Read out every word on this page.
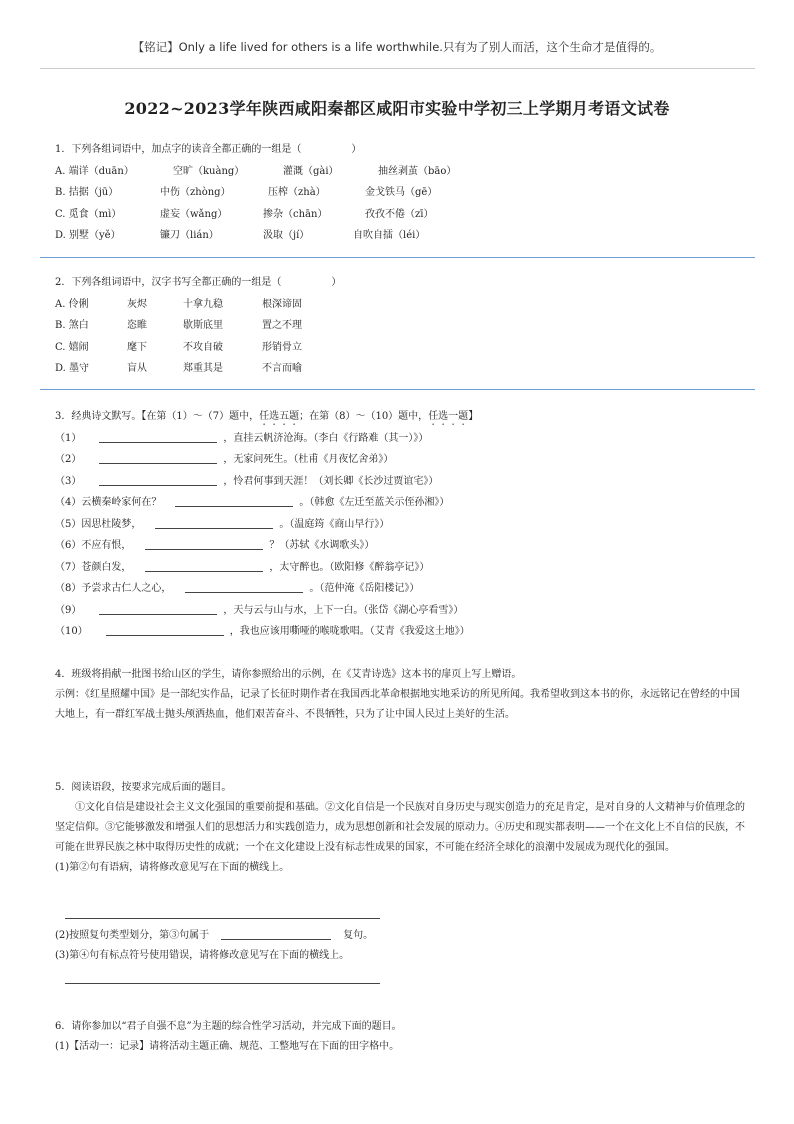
【铭记】Only a life lived for others is a life worthwhile.只有为了别人而活，这个生命才是值得的。
2022~2023学年陕西咸阳秦都区咸阳市实验中学初三上学期月考语文试卷
1．下列各组词语中，加点字的读音全都正确的一组是（　　　　　）
A. 端详（duān）	空旷（kuàng）	灌溉（gài）	抽丝剥茧（bāo）
B. 拮据（jū）	中伤（zhòng）	压榨（zhà）	金戈铁马（gē）
C. 觅食（mì）	虚妄（wǎng）	掺杂（chān）	孜孜不倦（zī）
D. 别墅（yě）	镰刀（lián）	汲取（jí）	自吹自擂（léi）
2．下列各组词语中，汉字书写全都正确的一组是（　　　　　）
A. 伶俐	灰烬	十拿九稳	根深谛固
B. 煞白	恣睢	歇斯底里	置之不理
C. 嬉闹	麾下	不攻自破	形销骨立
D. 墨守	盲从	郑重其是	不言而喻
3．经典诗文默写。【在第（1）～（7）题中，任选五题；在第（8）～（10）题中，任选一题】
（1）	，直挂云帆济沧海。（李白《行路难（其一）》）
（2）	，无家问死生。（杜甫《月夜忆舍弟》）
（3）	，怜君何事到天涯！（刘长卿《长沙过贾谊宅》）
（4）云横秦岭家何在？	。（韩愈《左迁至蓝关示侄孙湘》）
（5）因思杜陵梦，	。（温庭筠《商山早行》）
（6）不应有恨，	？（苏轼《水调歌头》）
（7）苍颜白发，	，太守醉也。（欧阳修《醉翁亭记》）
（8）予尝求古仁人之心，	。（范仲淹《岳阳楼记》）
（9）	，天与云与山与水，上下一白。（张岱《湖心亭看雪》）
（10）	，我也应该用嘶哑的喉咙歌唱。（艾青《我爱这土地》）
4．班级将捐献一批图书给山区的学生，请你参照给出的示例，在《艾青诗选》这本书的扉页上写上赠语。
示例：《红星照耀中国》是一部纪实作品，记录了长征时期作者在我国西北革命根据地实地采访的所见所闻。我希望收到这本书的你，永远铭记在曾经的中国大地上，有一群红军战士抛头颅洒热血，他们艰苦奋斗、不畏牺牲，只为了让中国人民过上美好的生活。
5．阅读语段，按要求完成后面的题目。
①文化自信是建设社会主义文化强国的重要前提和基础。②文化自信是一个民族对自身历史与现实创造力的充足肯定，是对自身的人文精神与价值理念的坚定信仰。③它能够激发和增强人们的思想活力和实践创造力，成为思想创新和社会发展的原动力。④历史和现实都表明——一个在文化上不自信的民族，不可能在世界民族之林中取得历史性的成就；一个在文化建设上没有标志性成果的国家，不可能在经济全球化的浪潮中发展成为现代化的强国。
(1)第②句有语病，请将修改意见写在下面的横线上。
(2)按照复句类型划分，第③句属于	复句。
(3)第④句有标点符号使用错误，请将修改意见写在下面的横线上。
6．请你参加以“君子自强不息”为主题的综合性学习活动，并完成下面的题目。
(1)【活动一：记录】请将活动主题正确、规范、工整地写在下面的田字格中。
